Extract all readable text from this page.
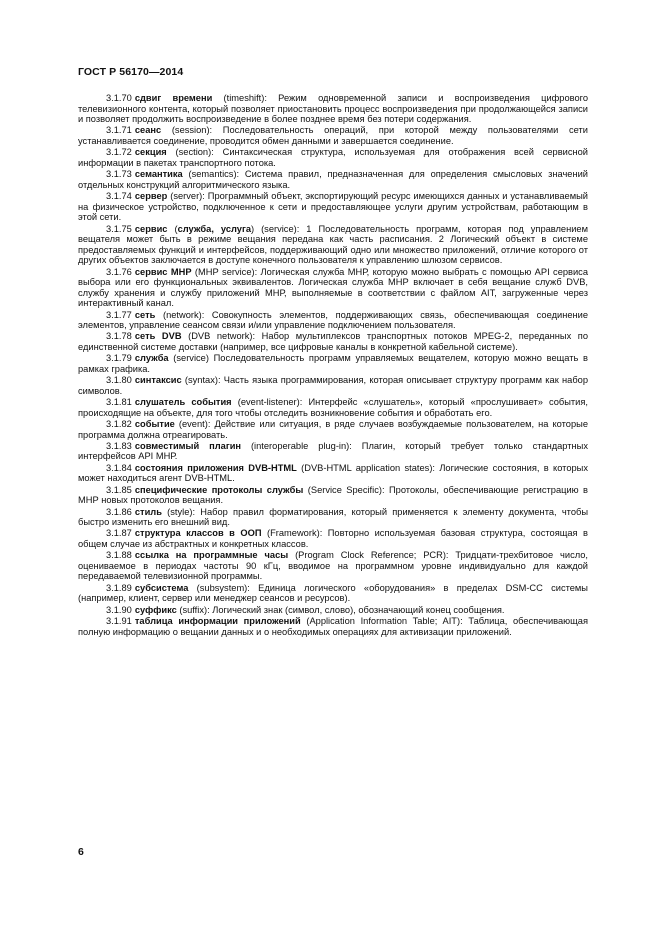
ГОСТ Р 56170—2014

3.1.70 сдвиг времени (timeshift): Режим одновременной записи и воспроизведения цифрового телевизионного контента, который позволяет приостановить процесс воспроизведения при продолжающейся записи и позволяет продолжить воспроизведение в более позднее время без потери содержания.

3.1.71 сеанс (session): Последовательность операций, при которой между пользователями сети устанавливается соединение, проводится обмен данными и завершается соединение.

3.1.72 секция (section): Синтаксическая структура, используемая для отображения всей сервисной информации в пакетах транспортного потока.

3.1.73 семантика (semantics): Система правил, предназначенная для определения смысловых значений отдельных конструкций алгоритмического языка.

3.1.74 сервер (server): Программный объект, экспортирующий ресурс имеющихся данных и устанавливаемый на физическое устройство, подключенное к сети и предоставляющее услуги другим устройствам, работающим в этой сети.

3.1.75 сервис (служба, услуга) (service): 1 Последовательность программ, которая под управлением вещателя может быть в режиме вещания передана как часть расписания. 2 Логический объект в системе предоставляемых функций и интерфейсов, поддерживающий одно или множество приложений, отличие которого от других объектов заключается в доступе конечного пользователя к управлению шлюзом сервисов.

3.1.76 сервис МНР (МНР service): Логическая служба МНР, которую можно выбрать с помощью API сервиса выбора или его функциональных эквивалентов. Логическая служба МНР включает в себя вещание служб DVB, службу хранения и службу приложений МНР, выполняемые в соответствии с файлом AIT, загруженные через интерактивный канал.

3.1.77 сеть (network): Совокупность элементов, поддерживающих связь, обеспечивающая соединение элементов, управление сеансом связи и/или управление подключением пользователя.

3.1.78 сеть DVB (DVB network): Набор мультиплексов транспортных потоков MPEG-2, переданных по единственной системе доставки (например, все цифровые каналы в конкретной кабельной системе).

3.1.79 служба (service) Последовательность программ управляемых вещателем, которую можно вещать в рамках графика.

3.1.80 синтаксис (syntax): Часть языка программирования, которая описывает структуру программ как набор символов.

3.1.81 слушатель события (event-listener): Интерфейс «слушатель», который «прослушивает» события, происходящие на объекте, для того чтобы отследить возникновение события и обработать его.

3.1.82 событие (event): Действие или ситуация, в ряде случаев возбуждаемые пользователем, на которые программа должна отреагировать.

3.1.83 совместимый плагин (interoperable plug-in): Плагин, который требует только стандартных интерфейсов API МНР.

3.1.84 состояния приложения DVB-HTML (DVB-HTML application states): Логические состояния, в которых может находиться агент DVB-HTML.

3.1.85 специфические протоколы службы (Service Specific): Протоколы, обеспечивающие регистрацию в МНР новых протоколов вещания.

3.1.86 стиль (style): Набор правил форматирования, который применяется к элементу документа, чтобы быстро изменить его внешний вид.

3.1.87 структура классов в ООП (Framework): Повторно используемая базовая структура, состоящая в общем случае из абстрактных и конкретных классов.

3.1.88 ссылка на программные часы (Program Clock Reference; PCR): Тридцати-трехбитовое число, оцениваемое в периодах частоты 90 кГц, вводимое на программном уровне индивидуально для каждой передаваемой телевизионной программы.

3.1.89 субсистема (subsystem): Единица логического «оборудования» в пределах DSM-CC системы (например, клиент, сервер или менеджер сеансов и ресурсов).

3.1.90 суффикс (suffix): Логический знак (символ, слово), обозначающий конец сообщения.

3.1.91 таблица информации приложений (Application Information Table; AIT): Таблица, обеспечивающая полную информацию о вещании данных и о необходимых операциях для активизации приложений.

6
